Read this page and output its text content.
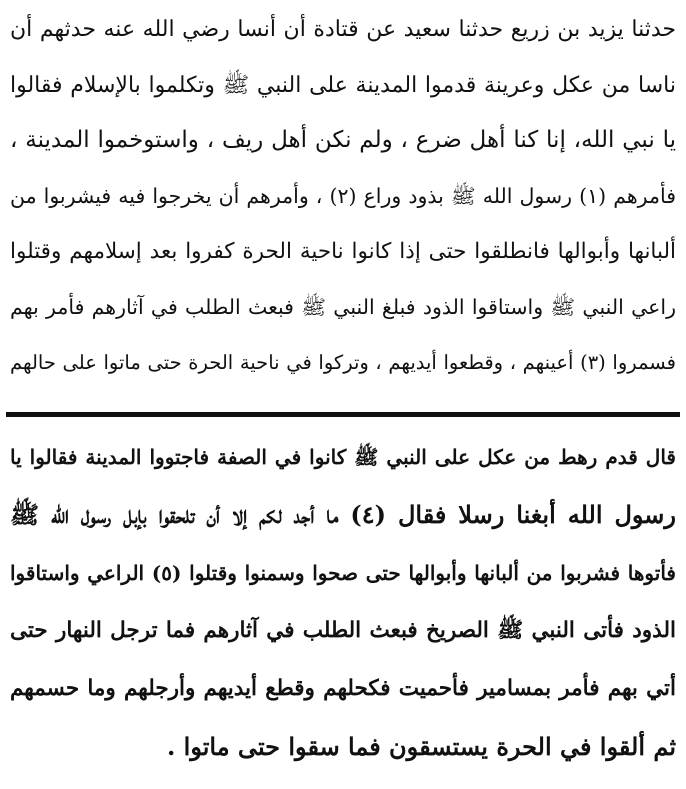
حدثنا يزيد بن زريع حدثنا سعيد عن قتادة أن أنسا رضي الله عنه حدثهم أن
ناسا من عكل وعرينة قدموا المدينة على النبي ﷺ وتكلموا بالإسلام فقالوا
يا نبي الله، إنا كنا أهل ضرع ، ولم نكن أهل ريف ، واستوخموا المدينة ،
فأمرهم (١) رسول الله ﷺ بذود وراع (٢) ، وأمرهم أن يخرجوا فيه فيشربوا من
ألبانها وأبوالها فانطلقوا حتى إذا كانوا ناحية الحرة كفروا بعد إسلامهم وقتلوا
راعي النبي ﷺ واستاقوا الذود فبلغ النبي ﷺ فبعث الطلب في آثارهم فأمر بهم
فسمروا (٣) أعينهم ، وقطعوا أيديهم ، وتركوا في ناحية الحرة حتى ماتوا على حالهم
قال قدم رهط من عكل على النبي ﷺ كانوا في الصفة فاجتووا المدينة فقالوا يا
رسول الله أبغنا رسلا فقال (٤) ما أجد لكم إلا أن تلحقوا بإبل رسول الله ﷺ
فأتوها فشربوا من ألبانها وأبوالها حتى صحوا وسمنوا وقتلوا (٥) الراعي واستاقوا
الذود فأتى النبي ﷺ الصريخ فبعث الطلب في آثارهم فما ترجل النهار حتى
أتي بهم فأمر بمسامير فأحميت فكحلهم وقطع أيديهم وأرجلهم وما حسمهم
ثم ألقوا في الحرة يستسقون فما سقوا حتى ماتوا .
